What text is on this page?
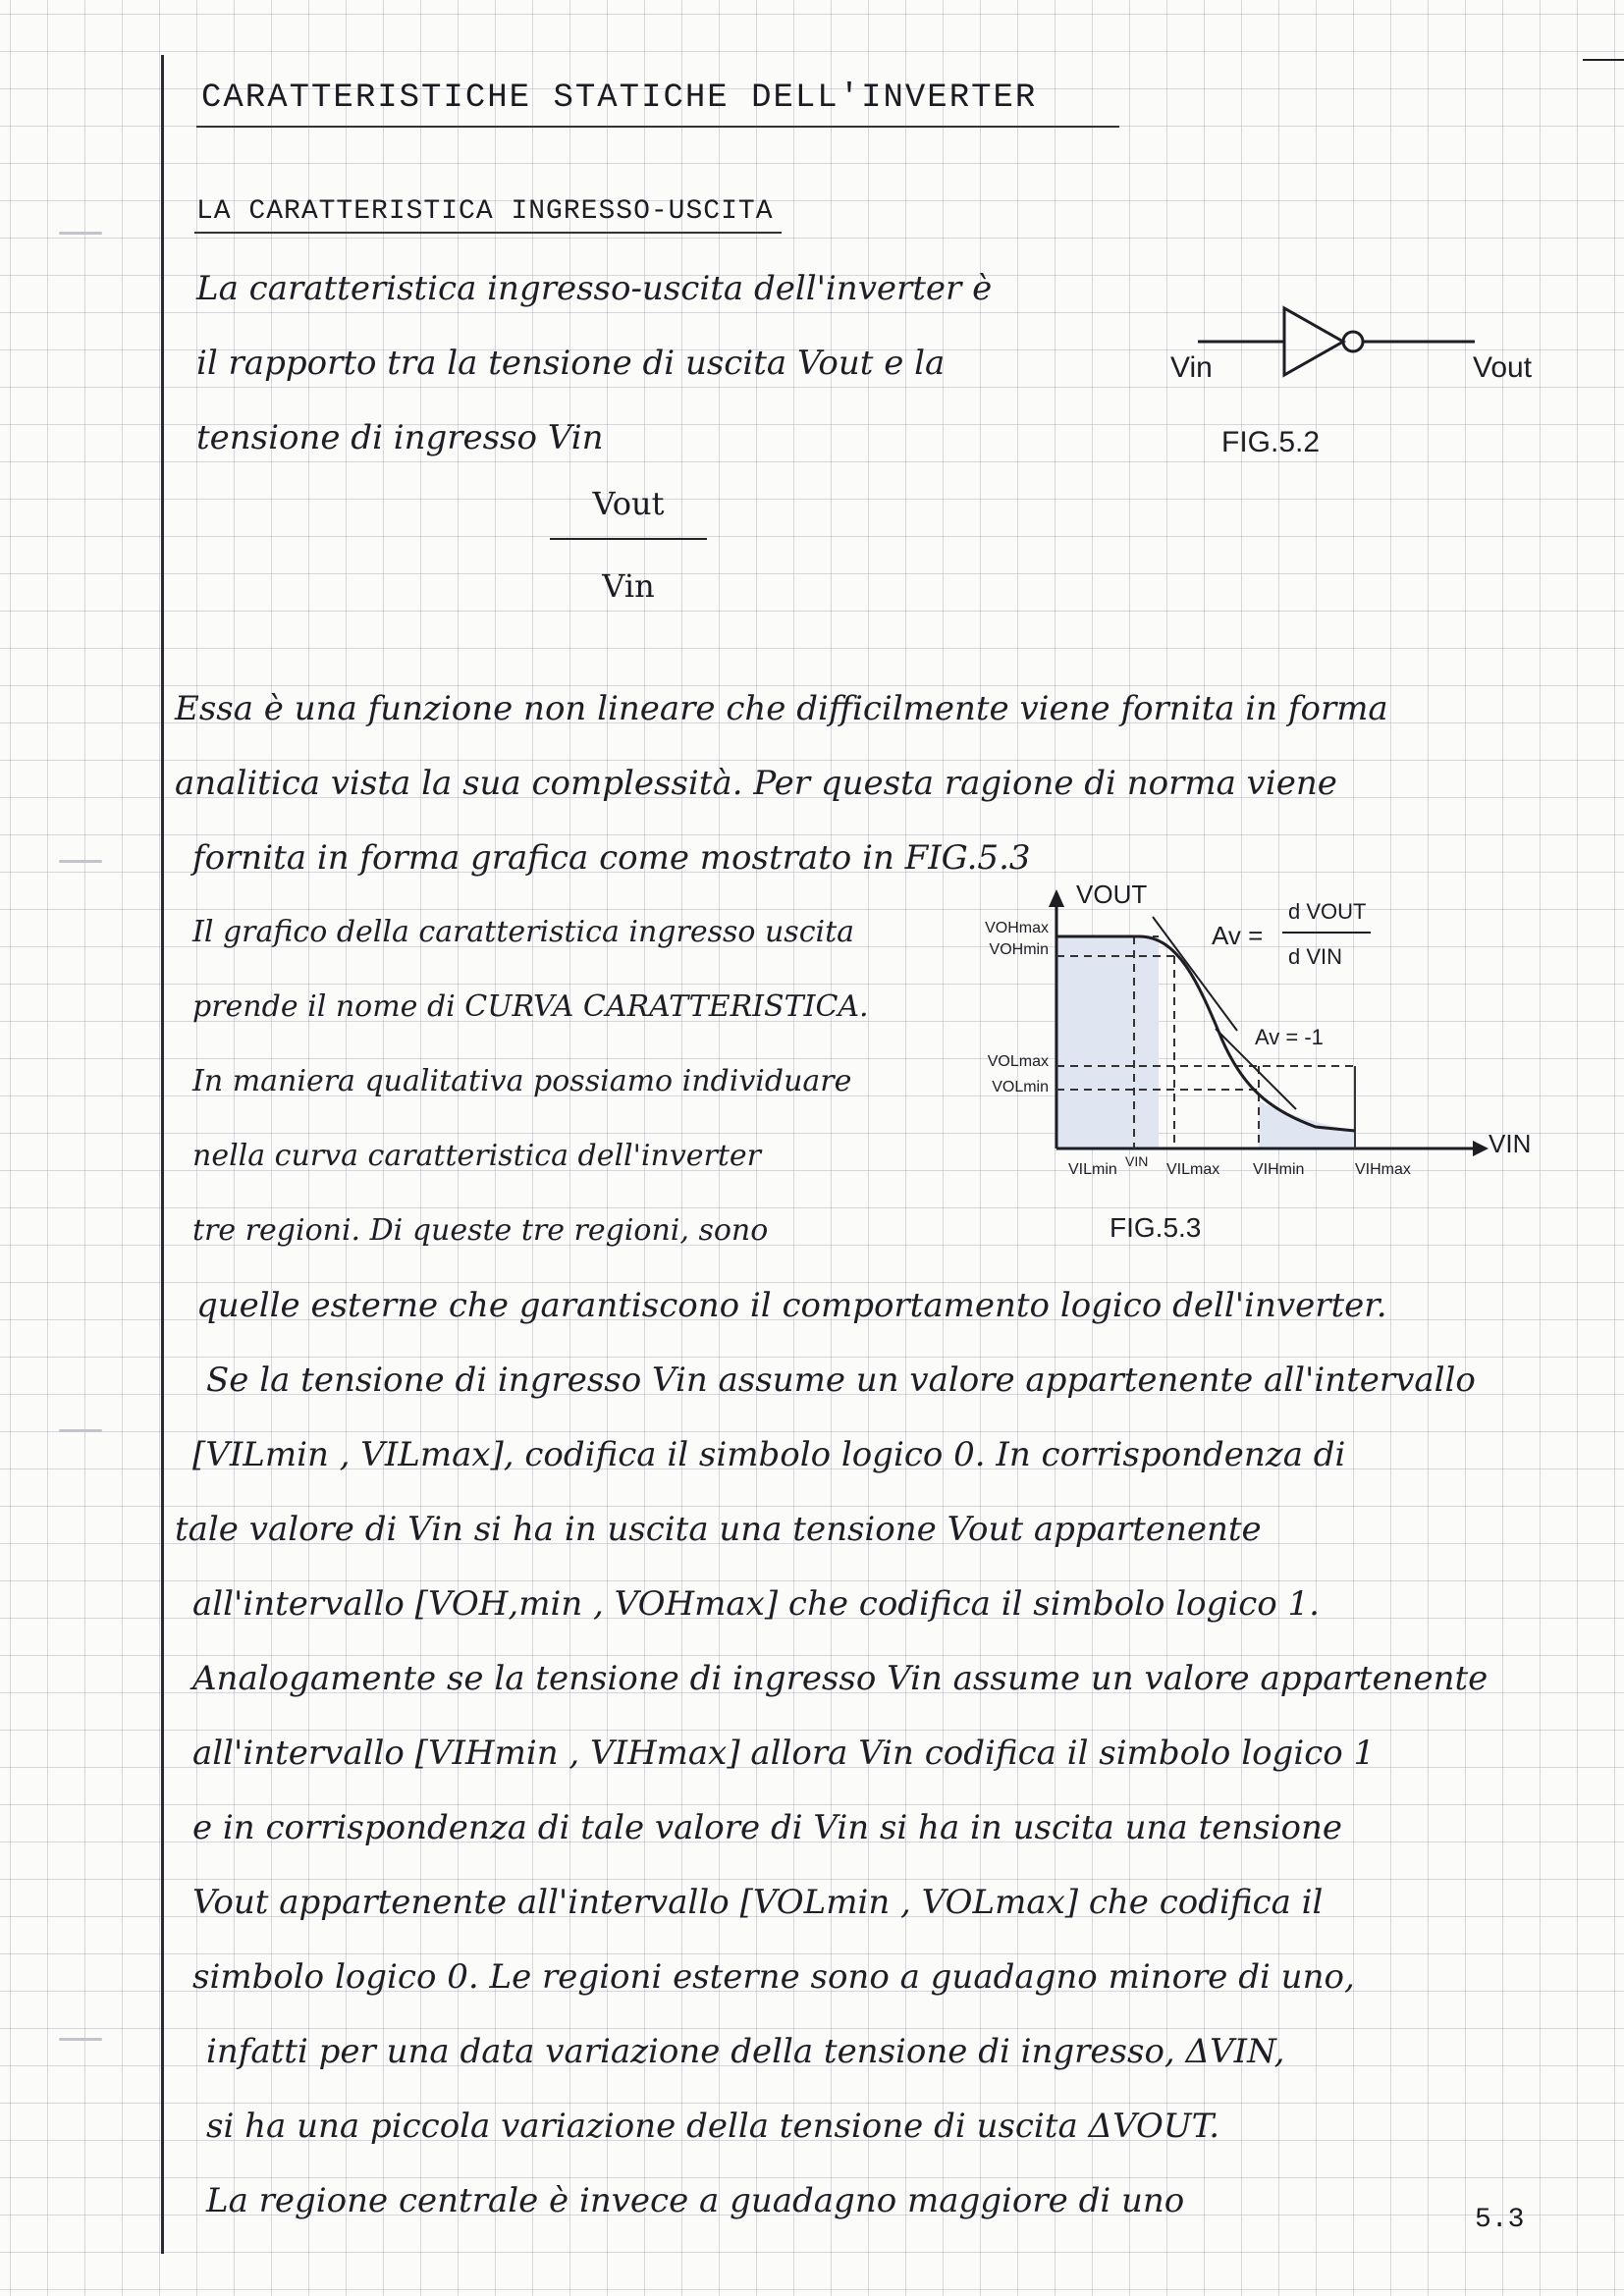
CARATTERISTICHE STATICHE DELL'INVERTER
LA CARATTERISTICA INGRESSO-USCITA

La caratteristica ingresso-uscita dell'inverter è

il rapporto tra la tensione di uscita Vout e la

tensione di ingresso Vin

Vout
Vin
Vin	Vout
FIG.5.2

Essa è una funzione non lineare che difficilmente viene fornita in forma

analitica vista la sua complessità. Per questa ragione di norma viene

fornita in forma grafica come mostrato in FIG.5.3

Il grafico della caratteristica ingresso uscita

prende il nome di CURVA CARATTERISTICA.

In maniera qualitativa possiamo individuare

nella curva caratteristica dell'inverter

tre regioni. Di queste tre regioni, sono

quelle esterne che garantiscono il comportamento logico dell'inverter.

Se la tensione di ingresso Vin assume un valore appartenente all'intervallo

[VILmin , VILmax], codifica il simbolo logico 0. In corrispondenza di

tale valore di Vin si ha in uscita una tensione Vout appartenente

all'intervallo [VOH,min , VOHmax] che codifica il simbolo logico 1.

Analogamente se la tensione di ingresso Vin assume un valore appartenente

all'intervallo [VIHmin , VIHmax] allora Vin codifica il simbolo logico 1

e in corrispondenza di tale valore di Vin si ha in uscita una tensione

Vout appartenente all'intervallo [VOLmin , VOLmax] che codifica il

simbolo logico 0. Le regioni esterne sono a guadagno minore di uno,

infatti per una data variazione della tensione di ingresso, ΔVIN,

si ha una piccola variazione della tensione di uscita ΔVOUT.

La regione centrale è invece a guadagno maggiore di uno

VOUT
VIN
VOHmax
VOHmin
VOLmax
VOLmin
VILmin VIN VILmax VIHmin	VIHmax
Av =
d VOUT
d VIN
Av = -1
FIG.5.3
5.3
